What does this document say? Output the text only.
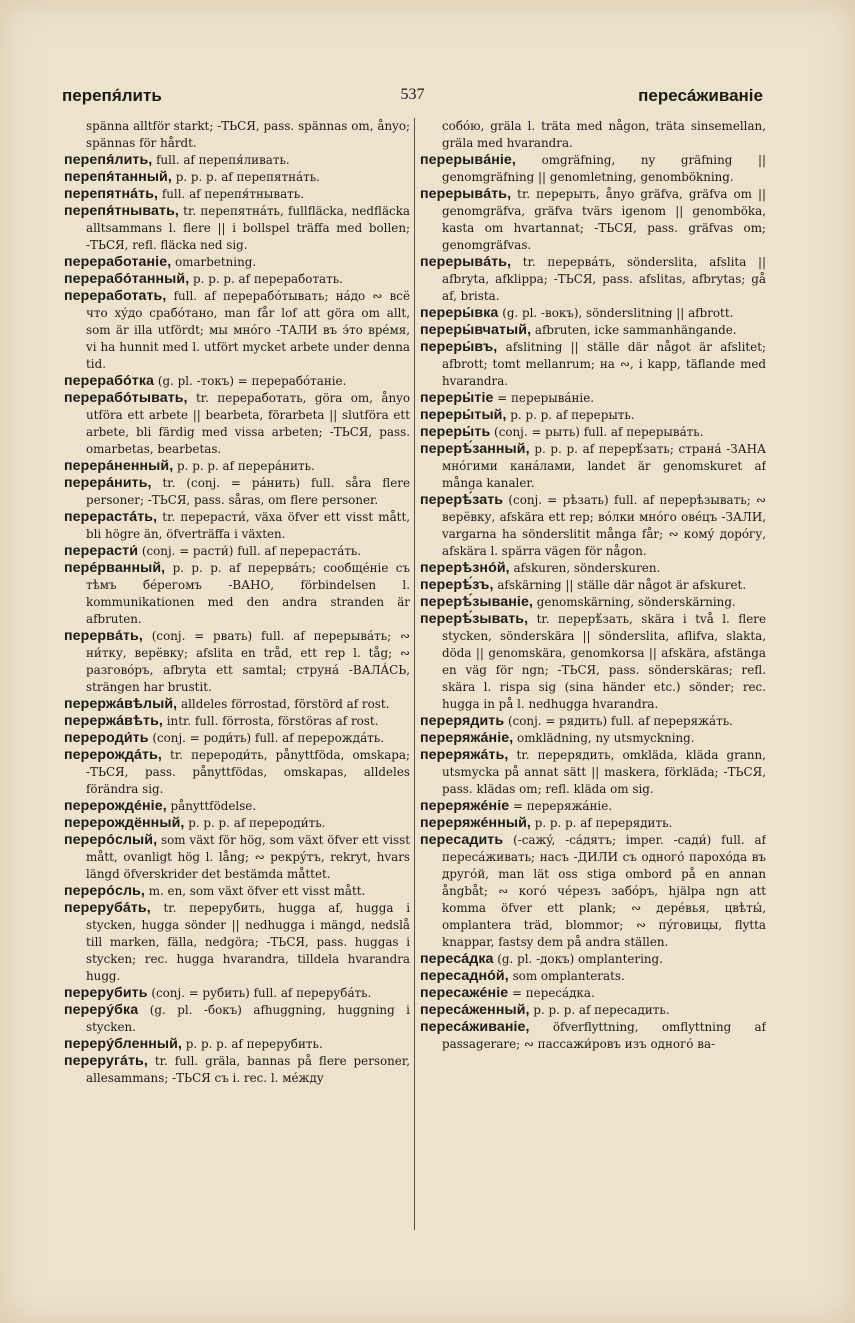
перепя́лить	537	пересáживаніе

spänna alltför starkt; -ТЬСЯ, pass. spännas om, ånyo; spännas för hårdt.

перепя́лить, full. af перепя́ливать.

перепя́танный, p. p. p. af перепятнáть.

перепятнáть, full. af перепя́тнывать.

перепя́тнывать, tr. перепятнáть, fullfläcka, nedfläcka alltsammans l. flere || i bollspel träffa med bollen; -ТЬСЯ, refl. fläcka ned sig.

переработаніе, omarbetning.

перерабóтанный, p. p. p. af переработать.

переработать, full. af перерабóтывать; нáдо ∾ всё что хýдо срабóтано, man får lof att göra om allt, som är illa utfördt; мы мнóго -ТАЛИ въ э́то врéмя, vi ha hunnit med l. utfört mycket arbete under denna tid.

перерабóтка (g. pl. -токъ) = перерабóтаніе.

перерабóтывать, tr. переработать, göra om, ånyo utföra ett arbete || bearbeta, förarbeta || slutföra ett arbete, bli färdig med vissa arbeten; -ТЬСЯ, pass. omarbetas, bearbetas.

перерáненный, p. p. p. af перерáнить.

перерáнить, tr. (conj. = рáнить) full. såra flere personer; -ТЬСЯ, pass. såras, om flere personer.

перерастáть, tr. перерасти́, växa öfver ett visst mått, bli högre än, öfverträffa i växten.

перерасти́ (conj. = расти́) full. af перерастáть.

перéрванный, p. p. p. af перервáть; сообщéніе съ тѣмъ бéрегомъ -ВАНО, förbindelsen l. kommunikationen med den andra stranden är afbruten.

перервáть, (conj. = рвать) full. af перерывáть; ∾ ни́тку, верёвку; afslita en tråd, ett rep l. tåg; ∾ разговóръ, afbryta ett samtal; струнá -ВАЛÁСЬ, strängen har brustit.

перержáвѣлый, alldeles förrostad, förstörd af rost.

перержáвѣть, intr. full. förrosta, förstöras af rost.

перероди́ть (conj. = роди́ть) full. af перерождáть.

перерождáть, tr. перероди́ть, pånyttföda, omskapa; -ТЬСЯ, pass. pånyttfödas, omskapas, alldeles förändra sig.

перерождéніе, pånyttfödelse.

перерождённый, p. p. p. af перероди́ть.

перерóслый, som växt för hög, som växt öfver ett visst mått, ovanligt hög l. lång; ∾ рекрýтъ, rekryt, hvars längd öfverskrider det bestämda måttet.

перерóсль, m. en, som växt öfver ett visst mått.

перерубáть, tr. перерубить, hugga af, hugga i stycken, hugga sönder || nedhugga i mängd, nedslå till marken, fälla, nedgöra; -ТЬСЯ, pass. huggas i stycken; rec. hugga hvarandra, tilldela hvarandra hugg.

перерубить (conj. = рубить) full. af перерубáть.

перерýбка (g. pl. -бокъ) afhuggning, huggning i stycken.

перерýбленный, p. p. p. af перерубить.

переругáть, tr. full. gräla, bannas på flere personer, allesammans; -ТЬСЯ съ i. rec. l. мéжду

собóю, gräla l. träta med någon, träta sinsemellan, gräla med hvarandra.

перерывáніе, omgräfning, ny gräfning || genomgräfning || genomletning, genombökning.

перерывáть, tr. перерыть, ånyo gräfva, gräfva om || genomgräfva, gräfva tvärs igenom || genomböka, kasta om hvartannat; -ТЬСЯ, pass. gräfvas om; genomgräfvas.

перерывáть, tr. перервáть, sönderslita, afslita || afbryta, afklippa; -ТЬСЯ, pass. afslitas, afbrytas; gå af, brista.

переры́вка (g. pl. -вокъ), sönderslitning || afbrott.

переры́вчатый, afbruten, icke sammanhängande.

переры́въ, afslitning || ställe där något är afslitet; afbrott; tomt mellanrum; на ∾, i kapp, täflande med hvarandra.

переры́тіе = перерывáніе.

переры́тый, p. p. p. af перерыть.

переры́ть (conj. = рыть) full. af перерывáть.

перерѣ́занный, p. p. p. af перерѣ́зать; странá -ЗАНА мнóгими канáлами, landet är genomskuret af många kanaler.

перерѣ́зать (conj. = рѣзать) full. af перерѣзывать; ∾ верёвку, afskära ett rep; вóлки мнóго овéцъ -ЗАЛИ, vargarna ha sönderslitit många får; ∾ комý дорóгу, afskära l. spärra vägen för någon.

перерѣзнóй, afskuren, sönderskuren.

перерѣ́зъ, afskärning || ställe där något är afskuret.

перерѣ́зываніе, genomskärning, sönderskärning.

перерѣ́зывать, tr. перерѣ́зать, skära i två l. flere stycken, sönderskära || sönderslita, aflifva, slakta, döda || genomskära, genomkorsa || afskära, afstänga en väg för ngn; -ТЬСЯ, pass. sönderskäras; refl. skära l. rispa sig (sina händer etc.) sönder; rec. hugga in på l. nedhugga hvarandra.

перерядить (conj. = рядить) full. af переряжáть.

переряжáніе, omklädning, ny utsmyckning.

переряжáть, tr. перерядить, omkläda, kläda grann, utsmycka på annat sätt || maskera, förkläda; -ТЬСЯ, pass. klädas om; refl. kläda om sig.

переряжéніе = переряжáніе.

переряжéнный, p. p. p. af перерядить.

пересадить (-сажý, -сáдятъ; imper. -сади́) full. af пересáживать; насъ -ДИЛИ съ одногó парохóда въ другóй, man lät oss stiga ombord på en annan ångbåt; ∾ когó чéрезъ забóръ, hjälpa ngn att komma öfver ett plank; ∾ дерéвья, цвѣты́, omplantera träd, blommor; ∾ пýговицы, flytta knappar, fastsy dem på andra ställen.

пересáдка (g. pl. -докъ) omplantering.

пересаднóй, som omplanterats.

пересажéніе = пересáдка.

пересáженный, p. p. p. af пересадить.

пересáживаніе, öfverflyttning, omflyttning af passagerare; ∾ пассажи́ровъ изъ одногó ва-
